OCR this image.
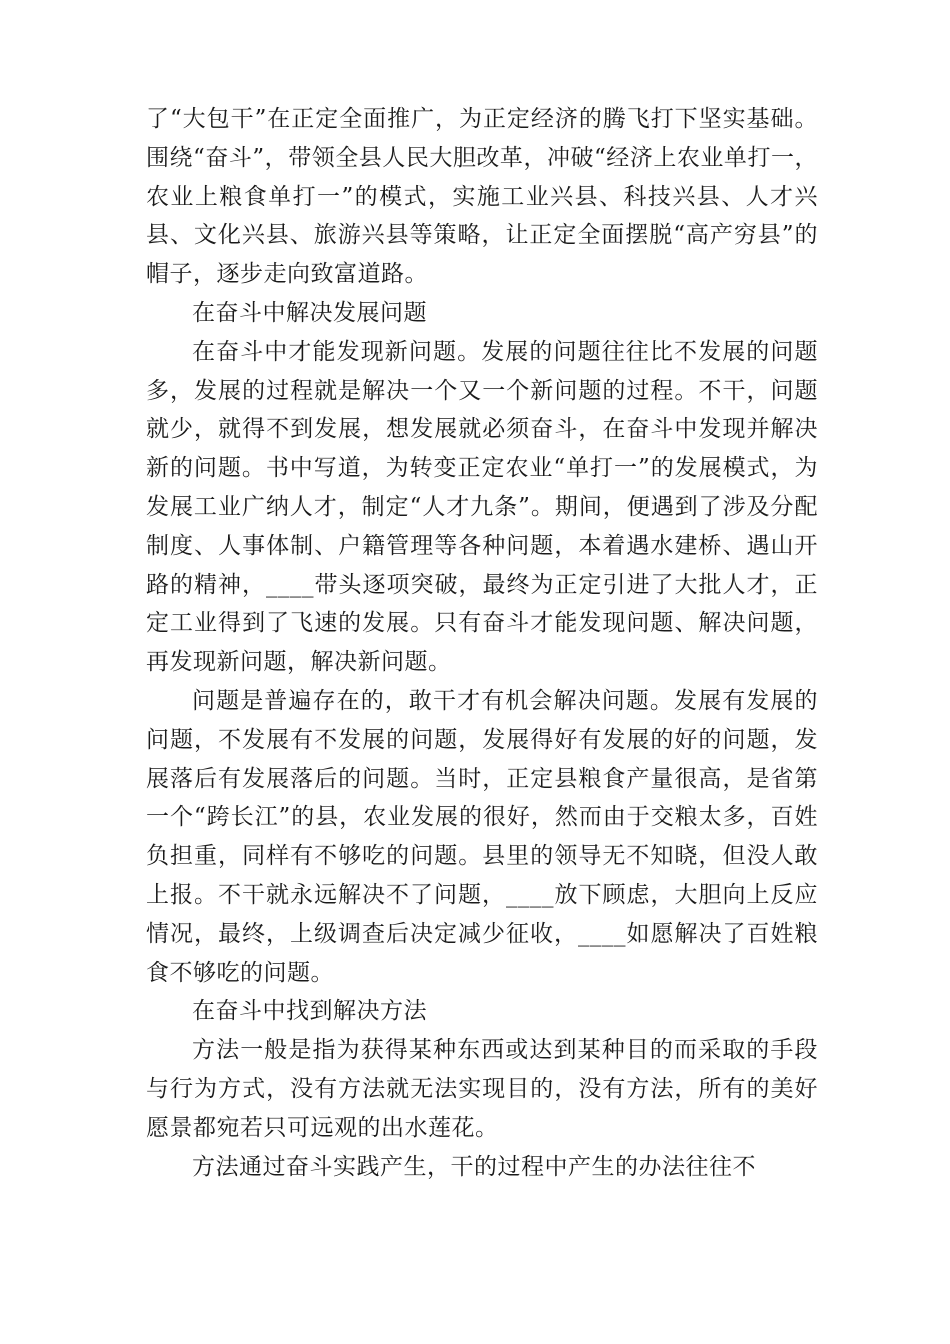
了“大包干”在正定全面推广，为正定经济的腾飞打下坚实基础。围绕“奋斗”，带领全县人民大胆改革，冲破“经济上农业单打一，农业上粮食单打一”的模式，实施工业兴县、科技兴县、人才兴县、文化兴县、旅游兴县等策略，让正定全面摆脱“高产穷县”的帽子，逐步走向致富道路。

在奋斗中解决发展问题

在奋斗中才能发现新问题。发展的问题往往比不发展的问题多，发展的过程就是解决一个又一个新问题的过程。不干，问题就少，就得不到发展，想发展就必须奋斗，在奋斗中发现并解决新的问题。书中写道，为转变正定农业“单打一”的发展模式，为发展工业广纳人才，制定“人才九条”。期间，便遇到了涉及分配制度、人事体制、户籍管理等各种问题，本着遇水建桥、遇山开路的精神，____带头逐项突破，最终为正定引进了大批人才，正定工业得到了飞速的发展。只有奋斗才能发现问题、解决问题，再发现新问题，解决新问题。

问题是普遍存在的，敢干才有机会解决问题。发展有发展的问题，不发展有不发展的问题，发展得好有发展的好的问题，发展落后有发展落后的问题。当时，正定县粮食产量很高，是省第一个“跨长江”的县，农业发展的很好，然而由于交粮太多，百姓负担重，同样有不够吃的问题。县里的领导无不知晓，但没人敢上报。不干就永远解决不了问题，____放下顾虑，大胆向上反应情况，最终，上级调查后决定减少征收，____如愿解决了百姓粮食不够吃的问题。

在奋斗中找到解决方法

方法一般是指为获得某种东西或达到某种目的而采取的手段与行为方式，没有方法就无法实现目的，没有方法，所有的美好愿景都宛若只可远观的出水莲花。

方法通过奋斗实践产生，干的过程中产生的办法往往不
